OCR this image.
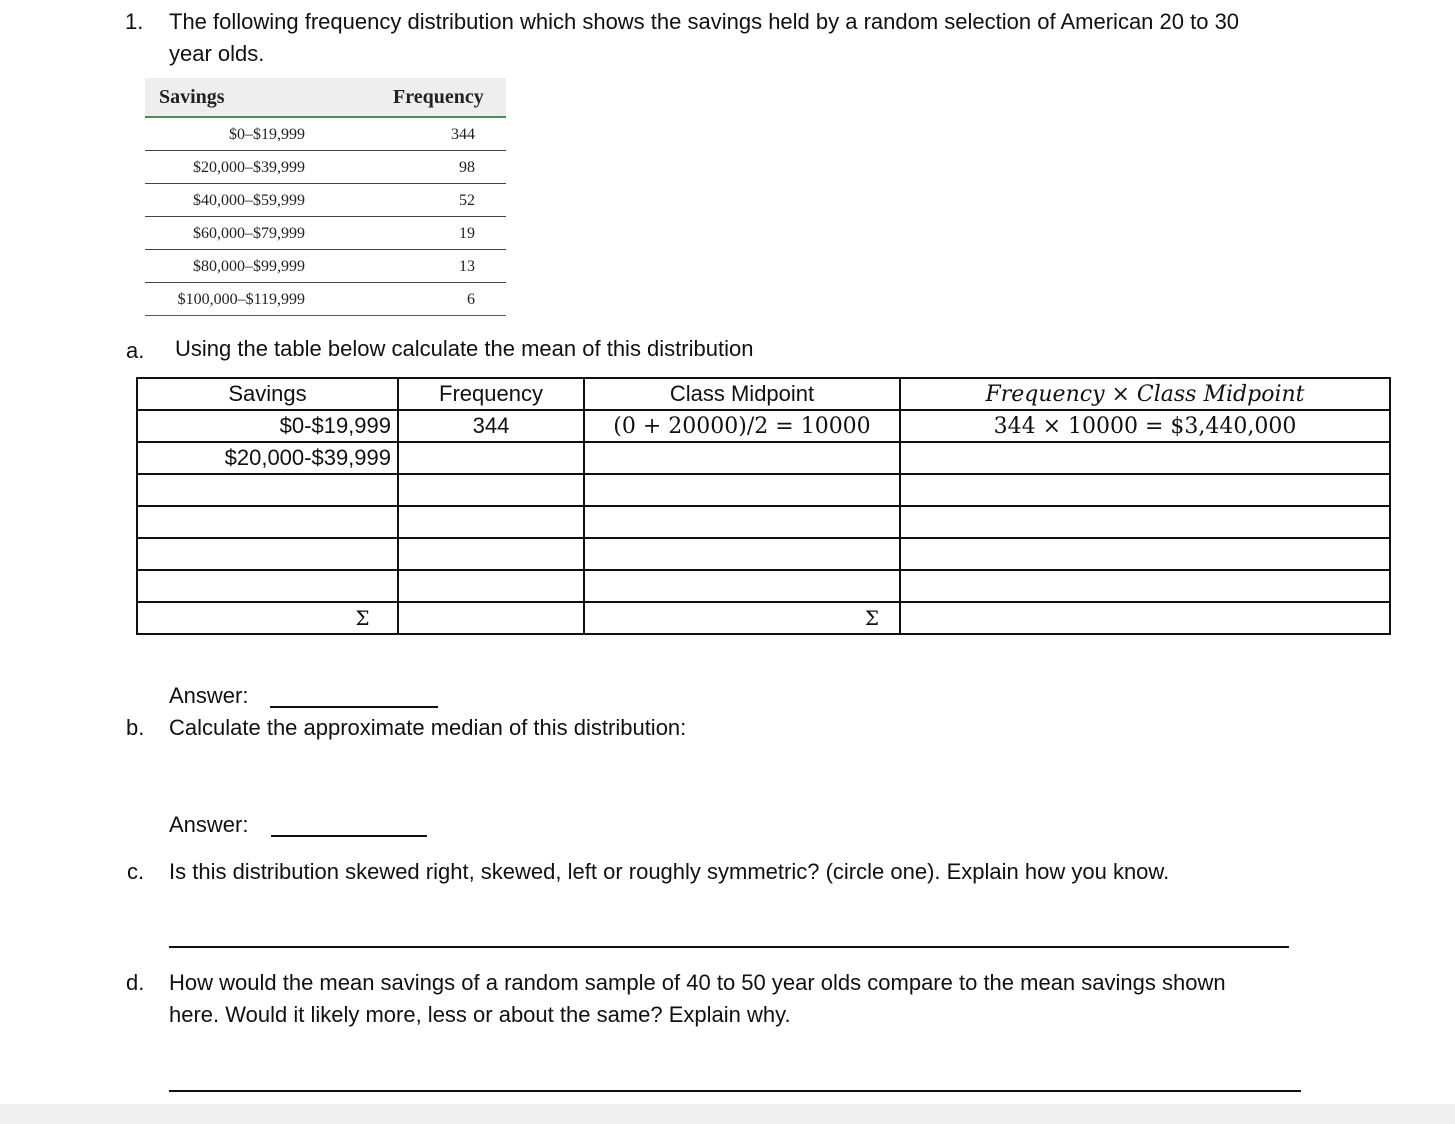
1. The following frequency distribution which shows the savings held by a random selection of American 20 to 30
year olds.
Savings	Frequency
$0–$19,999	344
$20,000–$39,999	98
$40,000–$59,999	52
$60,000–$79,999	19
$80,000–$99,999	13
$100,000–$119,999	6
a. Using the table below calculate the mean of this distribution
Savings	Frequency	Class Midpoint	Frequency × Class Midpoint
$0-$19,999	344	(0 + 20000)/2 = 10000	344 × 10000 = $3,440,000
$20,000-$39,999			

Σ		Σ	
Answer:
b. Calculate the approximate median of this distribution:
Answer:
c. Is this distribution skewed right, skewed, left or roughly symmetric? (circle one). Explain how you know.
d. How would the mean savings of a random sample of 40 to 50 year olds compare to the mean savings shown
here. Would it likely more, less or about the same? Explain why.
